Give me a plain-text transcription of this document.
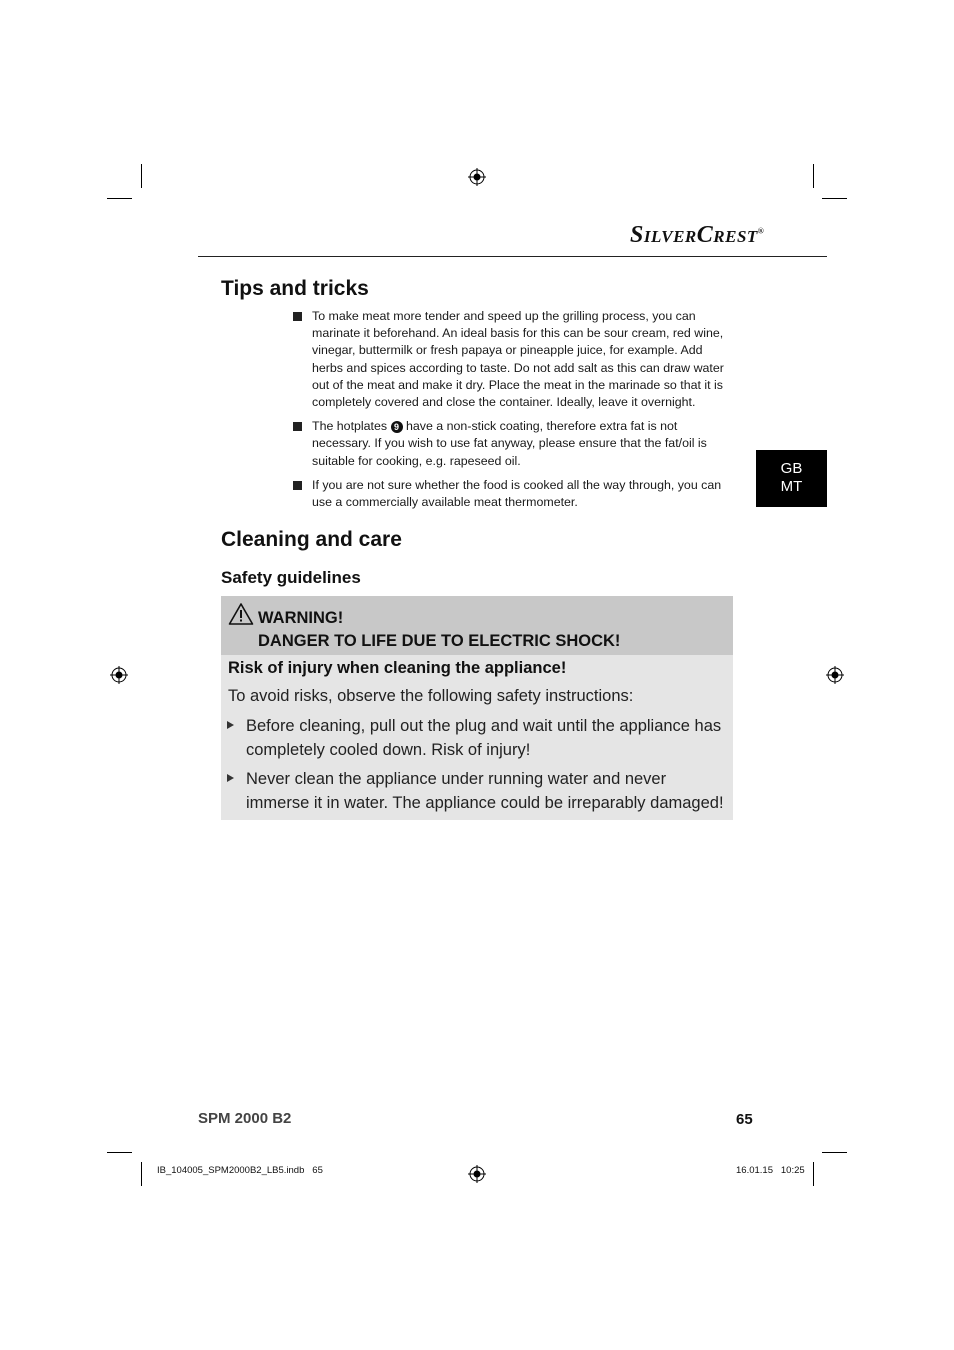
SILVERCREST®
Tips and tricks
To make meat more tender and speed up the grilling process, you can marinate it beforehand. An ideal basis for this can be sour cream, red wine, vinegar, buttermilk or fresh papaya or pineapple juice, for example. Add herbs and spices according to taste. Do not add salt as this can draw water out of the meat and make it dry. Place the meat in the marinade so that it is completely covered and close the container. Ideally, leave it overnight.
The hotplates 9 have a non-stick coating, therefore extra fat is not necessary. If you wish to use fat anyway, please ensure that the fat/oil is suitable for cooking, e.g. rapeseed oil.
If you are not sure whether the food is cooked all the way through, you can use a commercially available meat thermometer.
GB
MT
Cleaning and care
Safety guidelines
WARNING!
DANGER TO LIFE DUE TO ELECTRIC SHOCK!
Risk of injury when cleaning the appliance!
To avoid risks, observe the following safety instructions:
Before cleaning, pull out the plug and wait until the appliance has completely cooled down. Risk of injury!
Never clean the appliance under running water and never immerse it in water. The appliance could be irreparably damaged!
SPM 2000 B2	65
IB_104005_SPM2000B2_LB5.indb   65	16.01.15   10:25
